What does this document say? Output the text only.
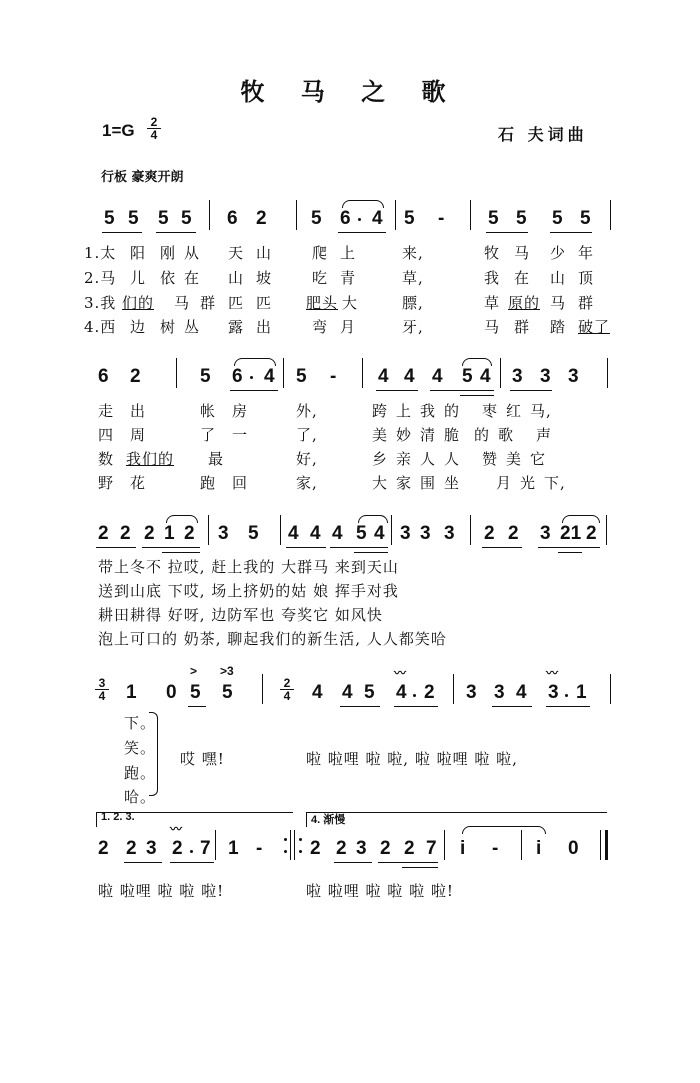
牧 马 之 歌
1=G	2
4	石 夫词曲
行板 豪爽开朗
5 5 5 5 6 2 5 6 4 5 - 5 5 5 5
1.太 阳 刚 从 天 山	爬 上	来,	牧 马 少 年
2.马 儿 依 在 山 坡	吃 青	草,	我 在 山 顶
3.我 们的 马 群 匹 匹 肥头 大	膘,	草 原的 马 群
4.西 边 树 丛 露 出	弯 月	牙,	马 群 踏 破了
6 2	5 6 4 5 - 4 4 4 5 4 3 3 3
走 出	帐 房	外,	跨 上 我 的 枣 红 马,
四 周	了 一	了,	美 妙 清 脆 的 歌 声
数 我们的 最	好,	乡 亲 人 人 赞 美 它
野 花	跑 回	家,	大 家 围 坐 月 光 下,
2 2 2 1 2 3 5 4 4 4 5 4 3 3 3 2 2 3 21 2
带上冬不 拉哎, 赶上我的 大群马 来到天山
送到山底 下哎, 场上挤奶的姑 娘 挥手对我
耕田耕得 好呀, 边防军也 夸奖它 如风快
泡上可口的 奶茶, 聊起我们的新生活, 人人都笑哈
3
4
2
4
1 0 5 5	4 4 5 4 2 3 3 4 3 1
> >3	〰	〰
下。
笑。
跑。
哈。
哎 嘿!	啦 啦哩 啦 啦, 啦 啦哩 啦 啦,
1. 2. 3.	4. 渐慢
2 2 3 2 7 1 -	2 2 3 2 2 7 i - i 0
〰
啦 啦哩 啦 啦 啦!	啦 啦哩 啦 啦 啦 啦!
